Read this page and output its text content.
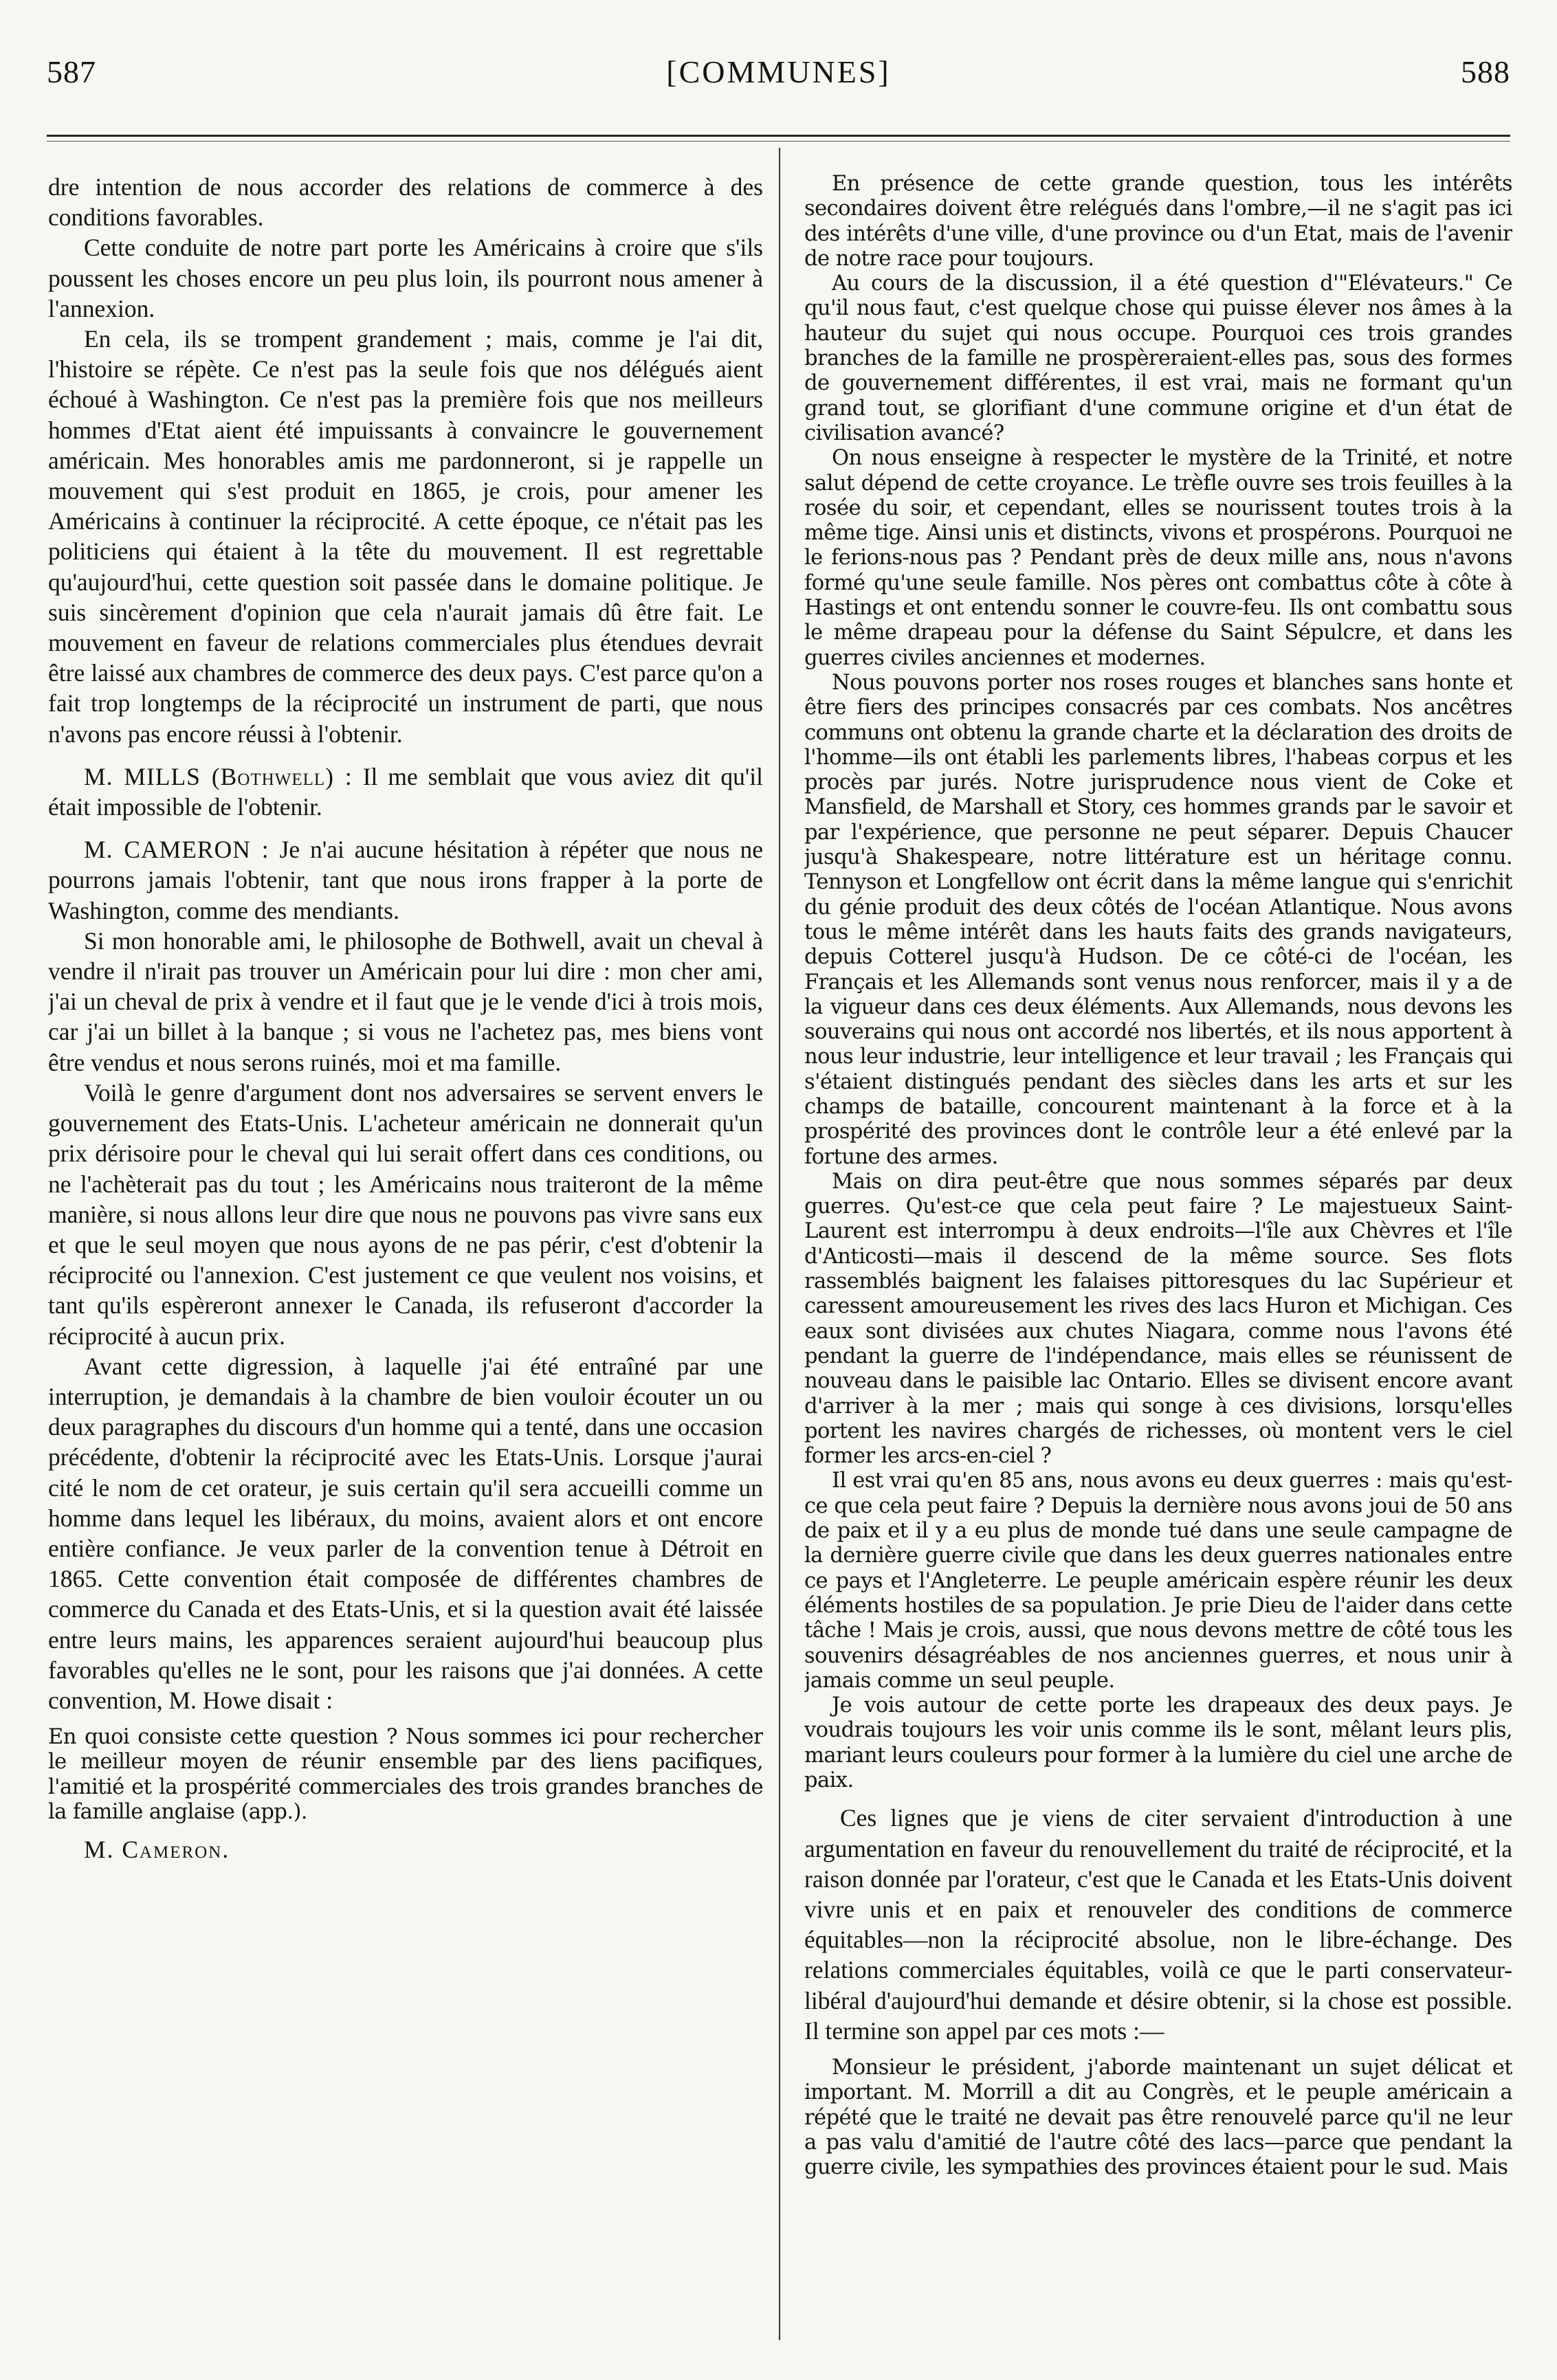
587	[COMMUNES]	588

dre intention de nous accorder des relations de commerce à des conditions favorables.

Cette conduite de notre part porte les Américains à croire que s'ils poussent les choses encore un peu plus loin, ils pourront nous amener à l'annexion.

En cela, ils se trompent grandement ; mais, comme je l'ai dit, l'histoire se répète. Ce n'est pas la seule fois que nos délégués aient échoué à Washington. Ce n'est pas la première fois que nos meilleurs hommes d'Etat aient été impuissants à convaincre le gouvernement américain. Mes honorables amis me pardonneront, si je rappelle un mouvement qui s'est produit en 1865, je crois, pour amener les Américains à continuer la réciprocité. A cette époque, ce n'était pas les politiciens qui étaient à la tête du mouvement. Il est regrettable qu'aujourd'hui, cette question soit passée dans le domaine politique. Je suis sincèrement d'opinion que cela n'aurait jamais dû être fait. Le mouvement en faveur de relations commerciales plus étendues devrait être laissé aux chambres de commerce des deux pays. C'est parce qu'on a fait trop longtemps de la réciprocité un instrument de parti, que nous n'avons pas encore réussi à l'obtenir.

M. MILLS (Bothwell) : Il me semblait que vous aviez dit qu'il était impossible de l'obtenir.

M. CAMERON : Je n'ai aucune hésitation à répéter que nous ne pourrons jamais l'obtenir, tant que nous irons frapper à la porte de Washington, comme des mendiants.

Si mon honorable ami, le philosophe de Bothwell, avait un cheval à vendre il n'irait pas trouver un Américain pour lui dire : mon cher ami, j'ai un cheval de prix à vendre et il faut que je le vende d'ici à trois mois, car j'ai un billet à la banque ; si vous ne l'achetez pas, mes biens vont être vendus et nous serons ruinés, moi et ma famille.

Voilà le genre d'argument dont nos adversaires se servent envers le gouvernement des Etats-Unis. L'acheteur américain ne donnerait qu'un prix dérisoire pour le cheval qui lui serait offert dans ces conditions, ou ne l'achèterait pas du tout ; les Américains nous traiteront de la même manière, si nous allons leur dire que nous ne pouvons pas vivre sans eux et que le seul moyen que nous ayons de ne pas périr, c'est d'obtenir la réciprocité ou l'annexion. C'est justement ce que veulent nos voisins, et tant qu'ils espèreront annexer le Canada, ils refuseront d'accorder la réciprocité à aucun prix.

Avant cette digression, à laquelle j'ai été entraîné par une interruption, je demandais à la chambre de bien vouloir écouter un ou deux paragraphes du discours d'un homme qui a tenté, dans une occasion précédente, d'obtenir la réciprocité avec les Etats-Unis. Lorsque j'aurai cité le nom de cet orateur, je suis certain qu'il sera accueilli comme un homme dans lequel les libéraux, du moins, avaient alors et ont encore entière confiance. Je veux parler de la convention tenue à Détroit en 1865. Cette convention était composée de différentes chambres de commerce du Canada et des Etats-Unis, et si la question avait été laissée entre leurs mains, les apparences seraient aujourd'hui beaucoup plus favorables qu'elles ne le sont, pour les raisons que j'ai données. A cette convention, M. Howe disait :

En quoi consiste cette question ? Nous sommes ici pour rechercher le meilleur moyen de réunir ensemble par des liens pacifiques, l'amitié et la prospérité commerciales des trois grandes branches de la famille anglaise (app.).

M. Cameron.

En présence de cette grande question, tous les intérêts secondaires doivent être relégués dans l'ombre,—il ne s'agit pas ici des intérêts d'une ville, d'une province ou d'un Etat, mais de l'avenir de notre race pour toujours.

Au cours de la discussion, il a été question d'"Elévateurs." Ce qu'il nous faut, c'est quelque chose qui puisse élever nos âmes à la hauteur du sujet qui nous occupe. Pourquoi ces trois grandes branches de la famille ne prospèreraient-elles pas, sous des formes de gouvernement différentes, il est vrai, mais ne formant qu'un grand tout, se glorifiant d'une commune origine et d'un état de civilisation avancé?

On nous enseigne à respecter le mystère de la Trinité, et notre salut dépend de cette croyance. Le trèfle ouvre ses trois feuilles à la rosée du soir, et cependant, elles se nourissent toutes trois à la même tige. Ainsi unis et distincts, vivons et prospérons. Pourquoi ne le ferions-nous pas ? Pendant près de deux mille ans, nous n'avons formé qu'une seule famille. Nos pères ont combattus côte à côte à Hastings et ont entendu sonner le couvre-feu. Ils ont combattu sous le même drapeau pour la défense du Saint Sépulcre, et dans les guerres civiles anciennes et modernes.

Nous pouvons porter nos roses rouges et blanches sans honte et être fiers des principes consacrés par ces combats. Nos ancêtres communs ont obtenu la grande charte et la déclaration des droits de l'homme—ils ont établi les parlements libres, l'habeas corpus et les procès par jurés. Notre jurisprudence nous vient de Coke et Mansfield, de Marshall et Story, ces hommes grands par le savoir et par l'expérience, que personne ne peut séparer. Depuis Chaucer jusqu'à Shakespeare, notre littérature est un héritage connu. Tennyson et Longfellow ont écrit dans la même langue qui s'enrichit du génie produit des deux côtés de l'océan Atlantique. Nous avons tous le même intérêt dans les hauts faits des grands navigateurs, depuis Cotterel jusqu'à Hudson. De ce côté-ci de l'océan, les Français et les Allemands sont venus nous renforcer, mais il y a de la vigueur dans ces deux éléments. Aux Allemands, nous devons les souverains qui nous ont accordé nos libertés, et ils nous apportent à nous leur industrie, leur intelligence et leur travail ; les Français qui s'étaient distingués pendant des siècles dans les arts et sur les champs de bataille, concourent maintenant à la force et à la prospérité des provinces dont le contrôle leur a été enlevé par la fortune des armes.

Mais on dira peut-être que nous sommes séparés par deux guerres. Qu'est-ce que cela peut faire ? Le majestueux Saint-Laurent est interrompu à deux endroits—l'île aux Chèvres et l'île d'Anticosti—mais il descend de la même source. Ses flots rassemblés baignent les falaises pittoresques du lac Supérieur et caressent amoureusement les rives des lacs Huron et Michigan. Ces eaux sont divisées aux chutes Niagara, comme nous l'avons été pendant la guerre de l'indépendance, mais elles se réunissent de nouveau dans le paisible lac Ontario. Elles se divisent encore avant d'arriver à la mer ; mais qui songe à ces divisions, lorsqu'elles portent les navires chargés de richesses, où montent vers le ciel former les arcs-en-ciel ?

Il est vrai qu'en 85 ans, nous avons eu deux guerres : mais qu'est-ce que cela peut faire ? Depuis la dernière nous avons joui de 50 ans de paix et il y a eu plus de monde tué dans une seule campagne de la dernière guerre civile que dans les deux guerres nationales entre ce pays et l'Angleterre. Le peuple américain espère réunir les deux éléments hostiles de sa population. Je prie Dieu de l'aider dans cette tâche ! Mais je crois, aussi, que nous devons mettre de côté tous les souvenirs désagréables de nos anciennes guerres, et nous unir à jamais comme un seul peuple.

Je vois autour de cette porte les drapeaux des deux pays. Je voudrais toujours les voir unis comme ils le sont, mêlant leurs plis, mariant leurs couleurs pour former à la lumière du ciel une arche de paix.

Ces lignes que je viens de citer servaient d'introduction à une argumentation en faveur du renouvellement du traité de réciprocité, et la raison donnée par l'orateur, c'est que le Canada et les Etats-Unis doivent vivre unis et en paix et renouveler des conditions de commerce équitables—non la réciprocité absolue, non le libre-échange. Des relations commerciales équitables, voilà ce que le parti conservateur-libéral d'aujourd'hui demande et désire obtenir, si la chose est possible. Il termine son appel par ces mots :—

Monsieur le président, j'aborde maintenant un sujet délicat et important. M. Morrill a dit au Congrès, et le peuple américain a répété que le traité ne devait pas être renouvelé parce qu'il ne leur a pas valu d'amitié de l'autre côté des lacs—parce que pendant la guerre civile, les sympathies des provinces étaient pour le sud. Mais
